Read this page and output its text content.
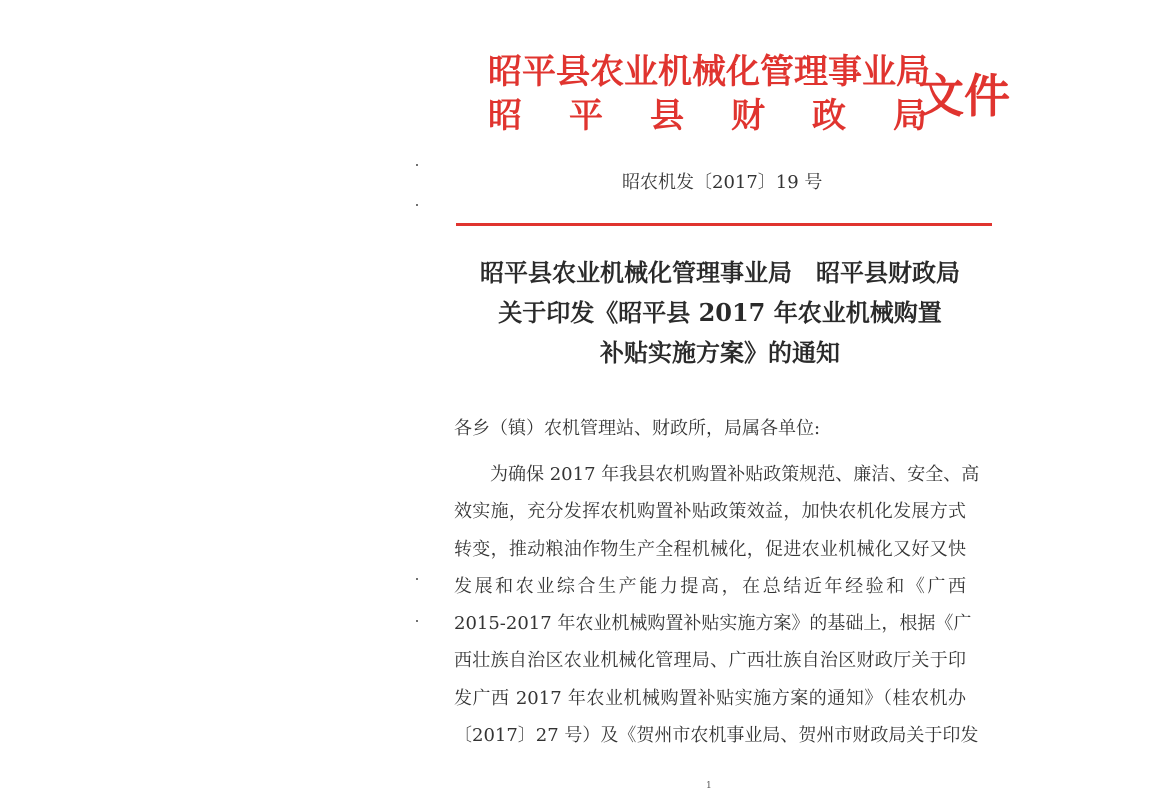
昭平县农业机械化管理事业局
昭 平 县 财 政 局
文件
昭农机发〔2017〕19 号
昭平县农业机械化管理事业局　昭平县财政局
关于印发《昭平县 2017 年农业机械购置
补贴实施方案》的通知
各乡（镇）农机管理站、财政所，局属各单位:
为确保 2017 年我县农机购置补贴政策规范、廉洁、安全、高
效实施，充分发挥农机购置补贴政策效益，加快农机化发展方式
转变，推动粮油作物生产全程机械化，促进农业机械化又好又快
发展和农业综合生产能力提高，在总结近年经验和《广西
2015-2017 年农业机械购置补贴实施方案》的基础上，根据《广
西壮族自治区农业机械化管理局、广西壮族自治区财政厅关于印
发广西 2017 年农业机械购置补贴实施方案的通知》（桂农机办
〔2017〕27 号）及《贺州市农机事业局、贺州市财政局关于印发
1
